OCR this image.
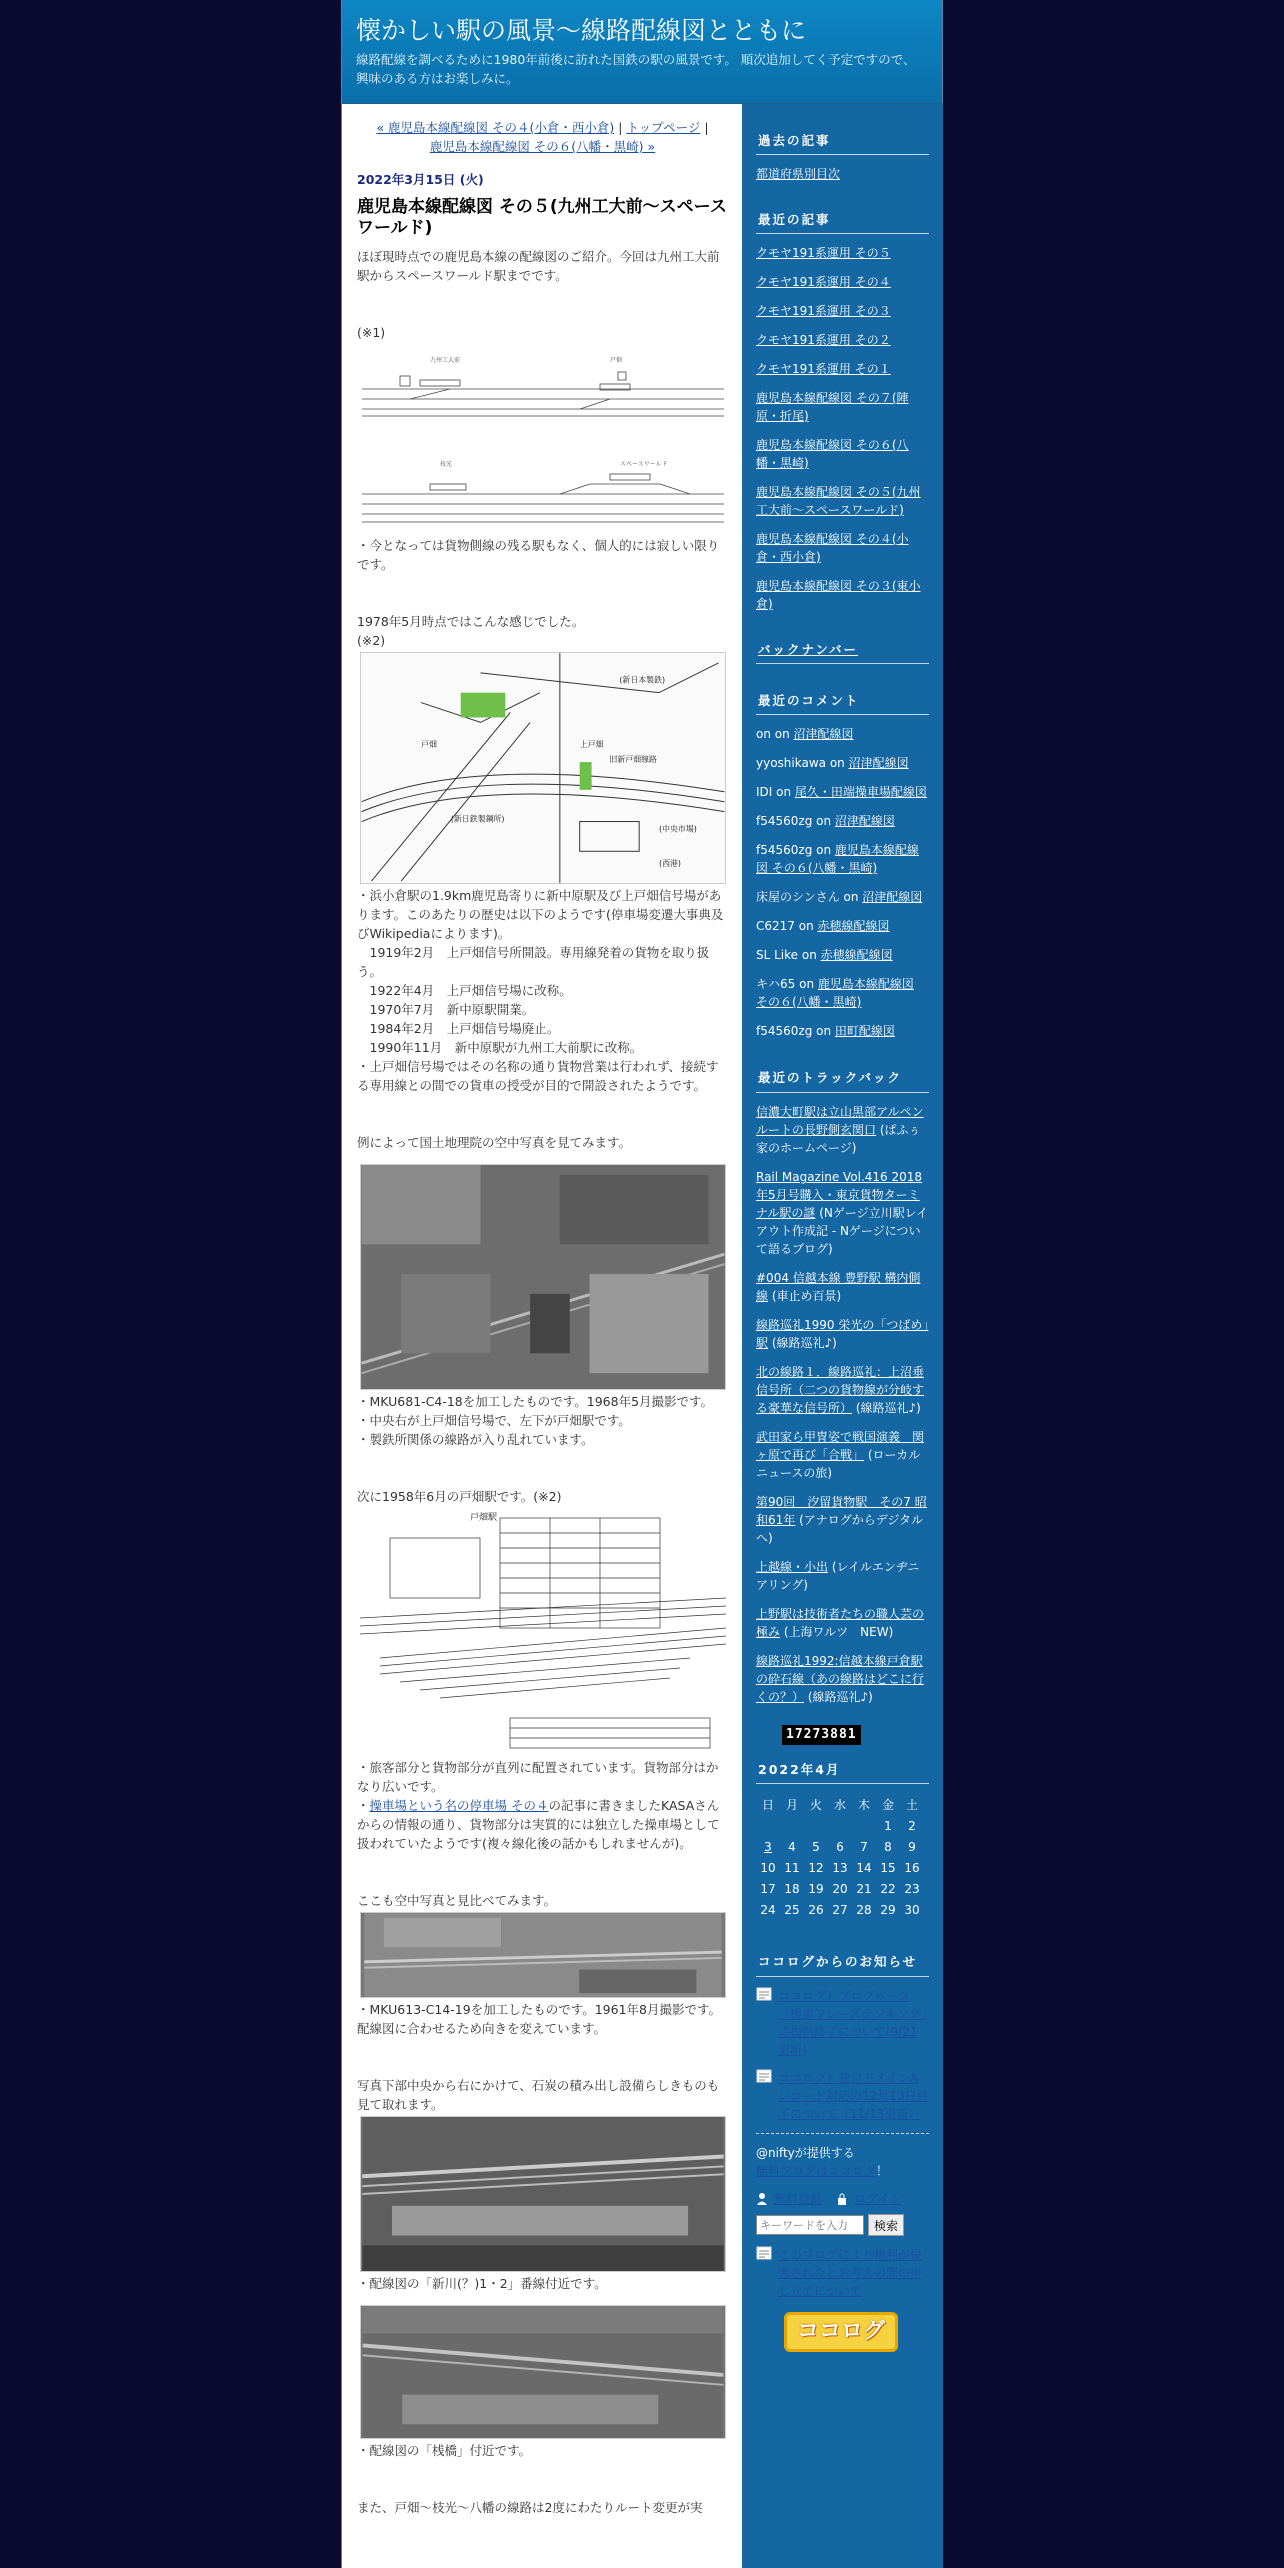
懐かしい駅の風景～線路配線図とともに
線路配線を調べるために1980年前後に訪れた国鉄の駅の風景です。 順次追加してく予定ですので、興味のある方はお楽しみに。
« 鹿児島本線配線図 その４(小倉・西小倉) | トップページ |
鹿児島本線配線図 その６(八幡・黒崎) »
2022年3月15日 (火)
鹿児島本線配線図 その５(九州工大前～スペースワールド)

ほぼ現時点での鹿児島本線の配線図のご紹介。今回は九州工大前駅からスペースワールド駅までです。

(※1)

九州工大前	戸畑
枝光	スペースワールド

・今となっては貨物側線の残る駅もなく、個人的には寂しい限りです。

1978年5月時点ではこんな感じでした。

(※2)

戸畑	上戸畑
(新日本製鉄)
旧新戸畑線路
(新日鉄製鋼所)
(西港)
(中央市場)

・浜小倉駅の1.9km鹿児島寄りに新中原駅及び上戸畑信号場があります。このあたりの歴史は以下のようです(停車場変遷大事典及びWikipediaによります)。

　1919年2月　上戸畑信号所開設。専用線発着の貨物を取り扱う。

　1922年4月　上戸畑信号場に改称。

　1970年7月　新中原駅開業。

　1984年2月　上戸畑信号場廃止。

　1990年11月　新中原駅が九州工大前駅に改称。

・上戸畑信号場ではその名称の通り貨物営業は行われず、接続する専用線との間での貨車の授受が目的で開設されたようです。

例によって国土地理院の空中写真を見てみます。

・MKU681-C4-18を加工したものです。1968年5月撮影です。

・中央右が上戸畑信号場で、左下が戸畑駅です。

・製鉄所関係の線路が入り乱れています。

次に1958年6月の戸畑駅です。(※2)

戸畑駅

・旅客部分と貨物部分が直列に配置されています。貨物部分はかなり広いです。

・操車場という名の停車場 その４の記事に書きましたKASAさんからの情報の通り、貨物部分は実質的には独立した操車場として扱われていたようです(複々線化後の話かもしれませんが)。

ここも空中写真と見比べてみます。

・MKU613-C14-19を加工したものです。1961年8月撮影です。配線図に合わせるため向きを変えています。

写真下部中央から右にかけて、石炭の積み出し設備らしきものも見て取れます。

・配線図の「新川(？)1・2」番線付近です。

・配線図の「桟橋」付近です。

また、戸畑～枝光～八幡の線路は2度にわたりルート変更が実

過去の記事
都道府県別目次
最近の記事
クモヤ191系運用 その５
クモヤ191系運用 その４
クモヤ191系運用 その３
クモヤ191系運用 その２
クモヤ191系運用 その１
鹿児島本線配線図 その７(陣原・折尾)
鹿児島本線配線図 その６(八幡・黒崎)
鹿児島本線配線図 その５(九州工大前～スペースワールド)
鹿児島本線配線図 その４(小倉・西小倉)
鹿児島本線配線図 その３(東小倉)
バックナンバー
最近のコメント
on on 沼津配線図
yyoshikawa on 沼津配線図
IDI on 尾久・田端操車場配線図
f54560zg on 沼津配線図
f54560zg on 鹿児島本線配線図 その６(八幡・黒崎)
床屋のシンさん on 沼津配線図
C6217 on 赤穂線配線図
SL Like on 赤穂線配線図
キハ65 on 鹿児島本線配線図 その６(八幡・黒崎)
f54560zg on 田町配線図
最近のトラックバック
信濃大町駅は立山黒部アルペンルートの長野側玄関口 (ぱふぅ家のホームページ)
Rail Magazine Vol.416 2018年5月号購入・東京貨物ターミナル駅の謎 (Nゲージ立川駅レイアウト作成記 - Nゲージについて語るブログ)
#004 信越本線 豊野駅 構内側線 (車止め百景)
線路巡礼1990 栄光の「つばめ」駅 (線路巡礼♪)
北の線路１．線路巡礼：上沼垂信号所（二つの貨物線が分岐する豪華な信号所） (線路巡礼♪)
武田家ら甲冑姿で戦国演義　関ヶ原で再び「合戦」 (ローカルニュースの旅)
第90回　汐留貨物駅　その7 昭和61年 (アナログからデジタルへ)
上越線・小出 (レイルエンヂニアリング)
上野駅は技術者たちの職人芸の極み (上海ワルツ　NEW)
線路巡礼1992:信越本線戸倉駅の砕石線（あの線路はどこに行くの？） (線路巡礼♪)
17273881
2022年4月
日	月	火	水	木	金	土
					1	2
3	4	5	6	7	8	9
10	11	12	13	14	15	16
17	18	19	20	21	22	23
24	25	26	27	28	29	30
ココログからのお知らせ
ココログ）ブログパーツ「検索フレーズランキング」の提供終了について(9/21更新)
ココログ）独自ドメインAレコード対応の12月10日終了について（11/13更新）
@niftyが提供する
無料ブログはココログ！
無料登録	ログイン
キーワードを入力
検索
このブログにより権利が侵害されたとお考えの際の申し立てについて
ココログ
